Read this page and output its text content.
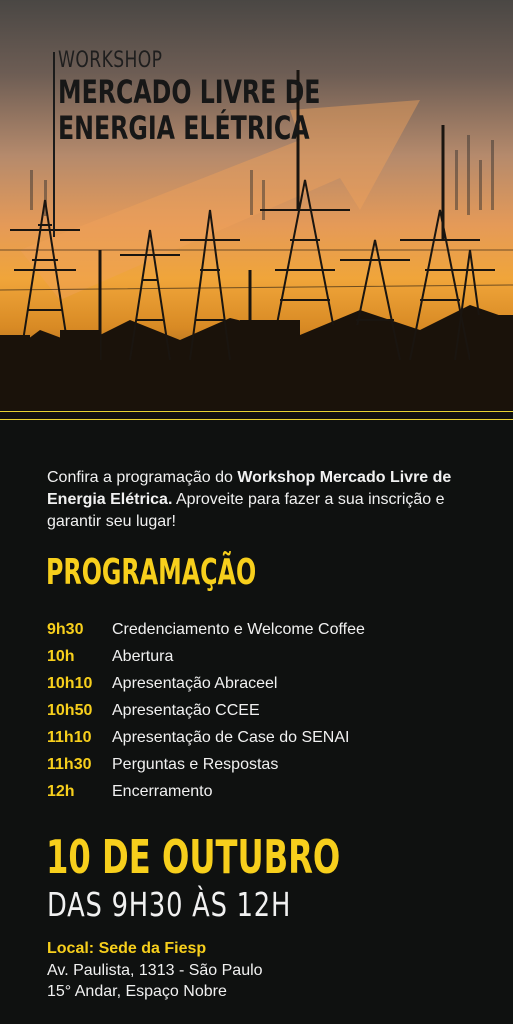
WORKSHOP
MERCADO LIVRE DE
ENERGIA ELÉTRICA
Confira a programação do Workshop Mercado Livre de Energia Elétrica. Aproveite para fazer a sua inscrição e garantir seu lugar!
PROGRAMAÇÃO
9h30	Credenciamento e Welcome Coffee
10h	Abertura
10h10	Apresentação Abraceel
10h50	Apresentação CCEE
11h10	Apresentação de Case do SENAI
11h30	Perguntas e Respostas
12h	Encerramento
10 DE OUTUBRO
DAS 9H30 ÀS 12H
Local: Sede da Fiesp
Av. Paulista, 1313 - São Paulo
15° Andar, Espaço Nobre
